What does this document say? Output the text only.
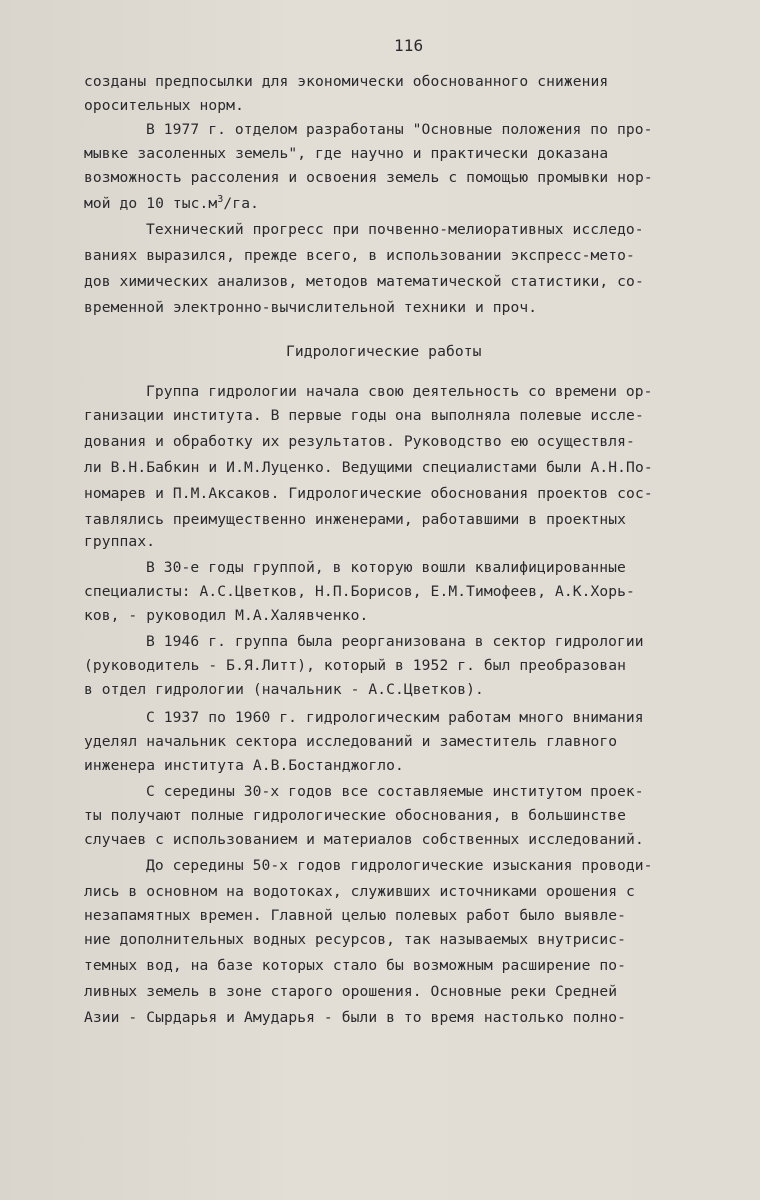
116
созданы предпосылки для экономически обоснованного снижения
оросительных норм.
В 1977 г. отделом разработаны "Основные положения по про-
мывке засоленных земель", где научно и практически доказана
возможность рассоления и освоения земель с помощью промывки нор-
мой до 10 $тыс.м^3/га$.
Технический прогресс при почвенно-мелиоративных исследо-
ваниях выразился, прежде всего, в использовании экспресс-мето-
дов химических анализов, методов математической статистики, со-
временной электронно-вычислительной техники и проч.
Гидрологические работы
Группа гидрологии начала свою деятельность со времени ор-
ганизации института. В первые годы она выполняла полевые иссле-
дования и обработку их результатов. Руководство ею осуществля-
ли В.Н.Бабкин и И.М.Луценко. Ведущими специалистами были А.Н.По-
номарев и П.М.Аксаков. Гидрологические обоснования проектов сос-
тавлялись преимущественно инженерами, работавшими в проектных
группах.
В 30-е годы группой, в которую вошли квалифицированные
специалисты: А.С.Цветков, Н.П.Борисов, Е.М.Тимофеев, А.К.Хорь-
ков, - руководил М.А.Халявченко.
В 1946 г. группа была реорганизована в сектор гидрологии
(руководитель - Б.Я.Литт), который в 1952 г. был преобразован
в отдел гидрологии (начальник - А.С.Цветков).
С 1937 по 1960 г. гидрологическим работам много внимания
уделял начальник сектора исследований и заместитель главного
инженера института А.В.Бостанджогло.
С середины 30-х годов все составляемые институтом проек-
ты получают полные гидрологические обоснования, в большинстве
случаев с использованием и материалов собственных исследований.
До середины 50-х годов гидрологические изыскания проводи-
лись в основном на водотоках, служивших источниками орошения с
незапамятных времен. Главной целью полевых работ было выявле-
ние дополнительных водных ресурсов, так называемых внутрисис-
темных вод, на базе которых стало бы возможным расширение по-
ливных земель в зоне старого орошения. Основные реки Средней
Азии - Сырдарья и Амударья - были в то время настолько полно-
